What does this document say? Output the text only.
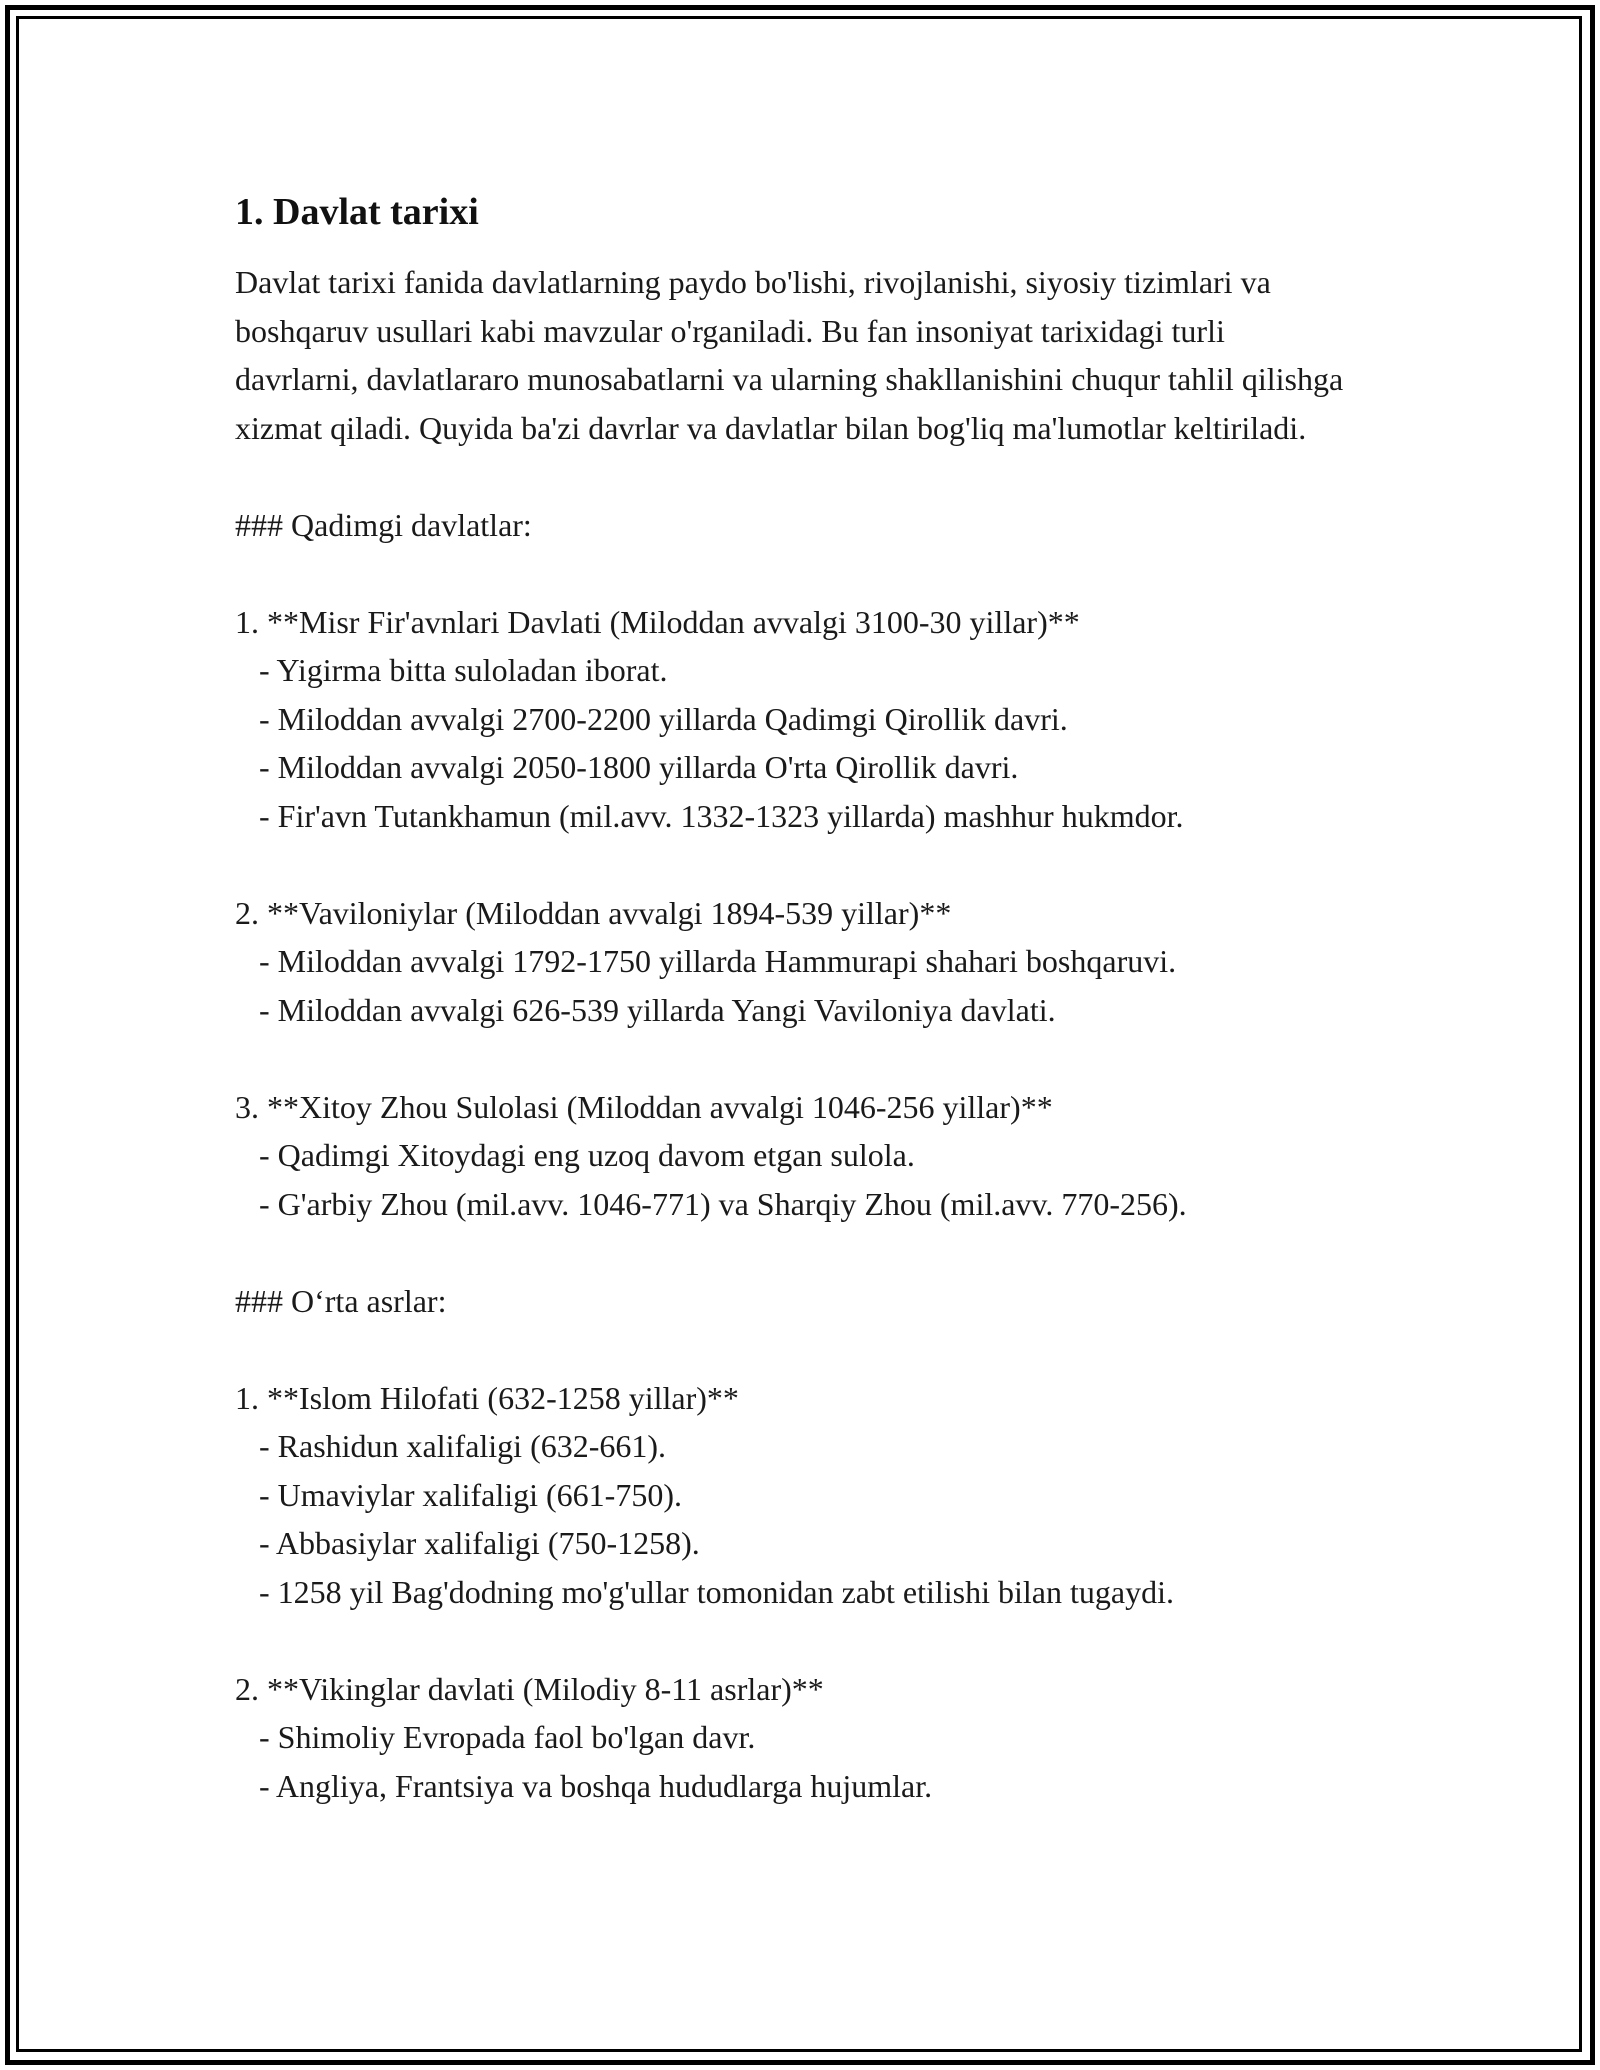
1. Davlat tarixi

Davlat tarixi fanida davlatlarning paydo bo'lishi, rivojlanishi, siyosiy tizimlari va boshqaruv usullari kabi mavzular o'rganiladi. Bu fan insoniyat tarixidagi turli davrlarni, davlatlararo munosabatlarni va ularning shakllanishini chuqur tahlil qilishga xizmat qiladi. Quyida ba'zi davrlar va davlatlar bilan bog'liq ma'lumotlar keltiriladi.

### Qadimgi davlatlar:
1. **Misr Fir'avnlari Davlati (Miloddan avvalgi 3100-30 yillar)**
- Yigirma bitta suloladan iborat.
- Miloddan avvalgi 2700-2200 yillarda Qadimgi Qirollik davri.
- Miloddan avvalgi 2050-1800 yillarda O'rta Qirollik davri.
- Fir'avn Tutankhamun (mil.avv. 1332-1323 yillarda) mashhur hukmdor.
2. **Vaviloniylar (Miloddan avvalgi 1894-539 yillar)**
- Miloddan avvalgi 1792-1750 yillarda Hammurapi shahari boshqaruvi.
- Miloddan avvalgi 626-539 yillarda Yangi Vaviloniya davlati.
3. **Xitoy Zhou Sulolasi (Miloddan avvalgi 1046-256 yillar)**
- Qadimgi Xitoydagi eng uzoq davom etgan sulola.
- G'arbiy Zhou (mil.avv. 1046-771) va Sharqiy Zhou (mil.avv. 770-256).
### O‘rta asrlar:
1. **Islom Hilofati (632-1258 yillar)**
- Rashidun xalifaligi (632-661).
- Umaviylar xalifaligi (661-750).
- Abbasiylar xalifaligi (750-1258).
- 1258 yil Bag'dodning mo'g'ullar tomonidan zabt etilishi bilan tugaydi.
2. **Vikinglar davlati (Milodiy 8-11 asrlar)**
- Shimoliy Evropada faol bo'lgan davr.
- Angliya, Frantsiya va boshqa hududlarga hujumlar.
